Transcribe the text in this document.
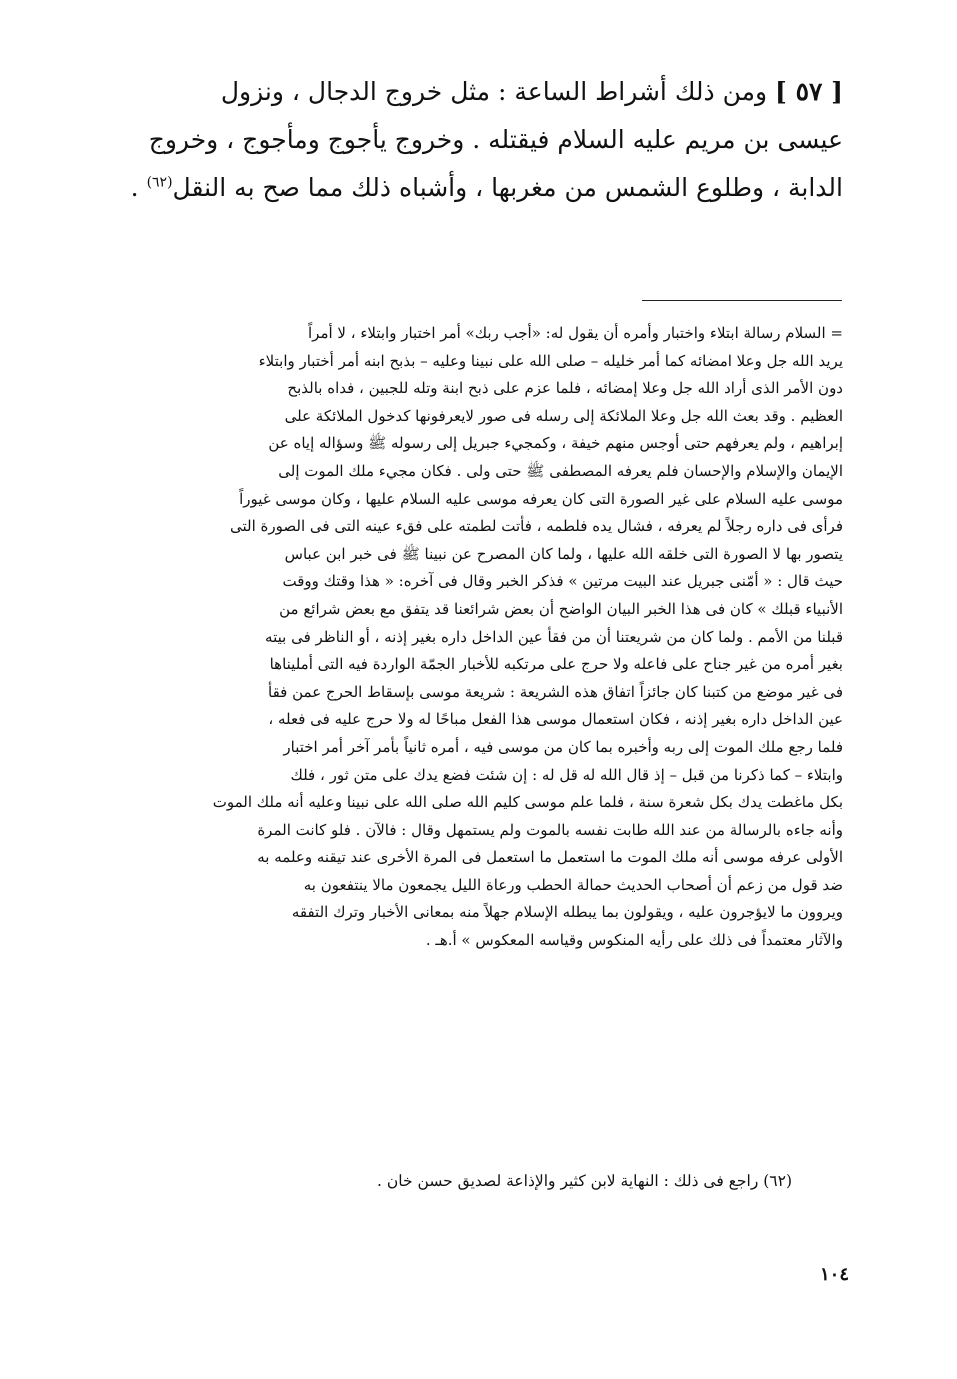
[ ٥٧ ] ومن ذلك أشراط الساعة : مثل خروج الدجال ، ونزول
عيسى بن مريم عليه السلام فيقتله . وخروج يأجوج ومأجوج ، وخروج
الدابة ، وطلوع الشمس من مغربها ، وأشباه ذلك مما صح به النقل$^{(٦٢)}$ .
= السلام رسالة ابتلاء واختبار وأمره أن يقول له: «أجب ربك» أمر اختبار وابتلاء ، لا أمراً
يريد الله جل وعلا امضائه كما أمر خليله – صلى الله على نبينا وعليه – بذبح ابنه أمر أختبار وابتلاء
دون الأمر الذى أراد الله جل وعلا إمضائه ، فلما عزم على ذبح ابنة وتله للجبين ، فداه بالذبح
العظيم . وقد بعث الله جل وعلا الملائكة إلى رسله فى صور لايعرفونها كدخول الملائكة على
إبراهيم ، ولم يعرفهم حتى أوجس منهم خيفة ، وكمجيء جبريل إلى رسوله ﷺ وسؤاله إياه عن
الإيمان والإسلام والإحسان فلم يعرفه المصطفى ﷺ حتى ولى . فكان مجيء ملك الموت إلى
موسى عليه السلام على غير الصورة التى كان يعرفه موسى عليه السلام عليها ، وكان موسى غيوراً
فرأى فى داره رجلاً لم يعرفه ، فشال يده فلطمه ، فأتت لطمته على فقء عينه التى فى الصورة التى
يتصور بها لا الصورة التى خلقه الله عليها ، ولما كان المصرح عن نبينا ﷺ فى خبر ابن عباس
حيث قال : « أمّنى جبريل عند البيت مرتين » فذكر الخبر وقال فى آخره: « هذا وقتك ووقت
الأنبياء قبلك » كان فى هذا الخبر البيان الواضح أن بعض شرائعنا قد يتفق مع بعض شرائع من
قبلنا من الأمم . ولما كان من شريعتنا أن من فقأ عين الداخل داره بغير إذنه ، أو الناظر فى بيته
بغير أمره من غير جناح على فاعله ولا حرج على مرتكبه للأخبار الجمّة الواردة فيه التى أمليناها
فى غير موضع من كتبنا كان جائزاً اتفاق هذه الشريعة : شريعة موسى بإسقاط الحرج عمن فقأ
عين الداخل داره بغير إذنه ، فكان استعمال موسى هذا الفعل مباحًا له ولا حرج عليه فى فعله ،
فلما رجع ملك الموت إلى ربه وأخبره بما كان من موسى فيه ، أمره ثانياً بأمر آخر أمر اختبار
وابتلاء – كما ذكرنا من قبل – إذ قال الله له قل له : إن شئت فضع يدك على متن ثور ، فلك
بكل ماغطت يدك بكل شعرة سنة ، فلما علم موسى كليم الله صلى الله على نبينا وعليه أنه ملك الموت
وأنه جاءه بالرسالة من عند الله طابت نفسه بالموت ولم يستمهل وقال : فالآن . فلو كانت المرة
الأولى عرفه موسى أنه ملك الموت ما استعمل ما استعمل فى المرة الأخرى عند تيقنه وعلمه به
ضد قول من زعم أن أصحاب الحديث حمالة الحطب ورعاة الليل يجمعون مالا ينتفعون به
ويروون ما لايؤجرون عليه ، ويقولون بما يبطله الإسلام جهلاً منه بمعانى الأخبار وترك التفقه
والآثار معتمداً فى ذلك على رأيه المنكوس وقياسه المعكوس » أ.هـ .
(٦٢) راجع فى ذلك : النهاية لابن كثير والإذاعة لصديق حسن خان .
١٠٤
